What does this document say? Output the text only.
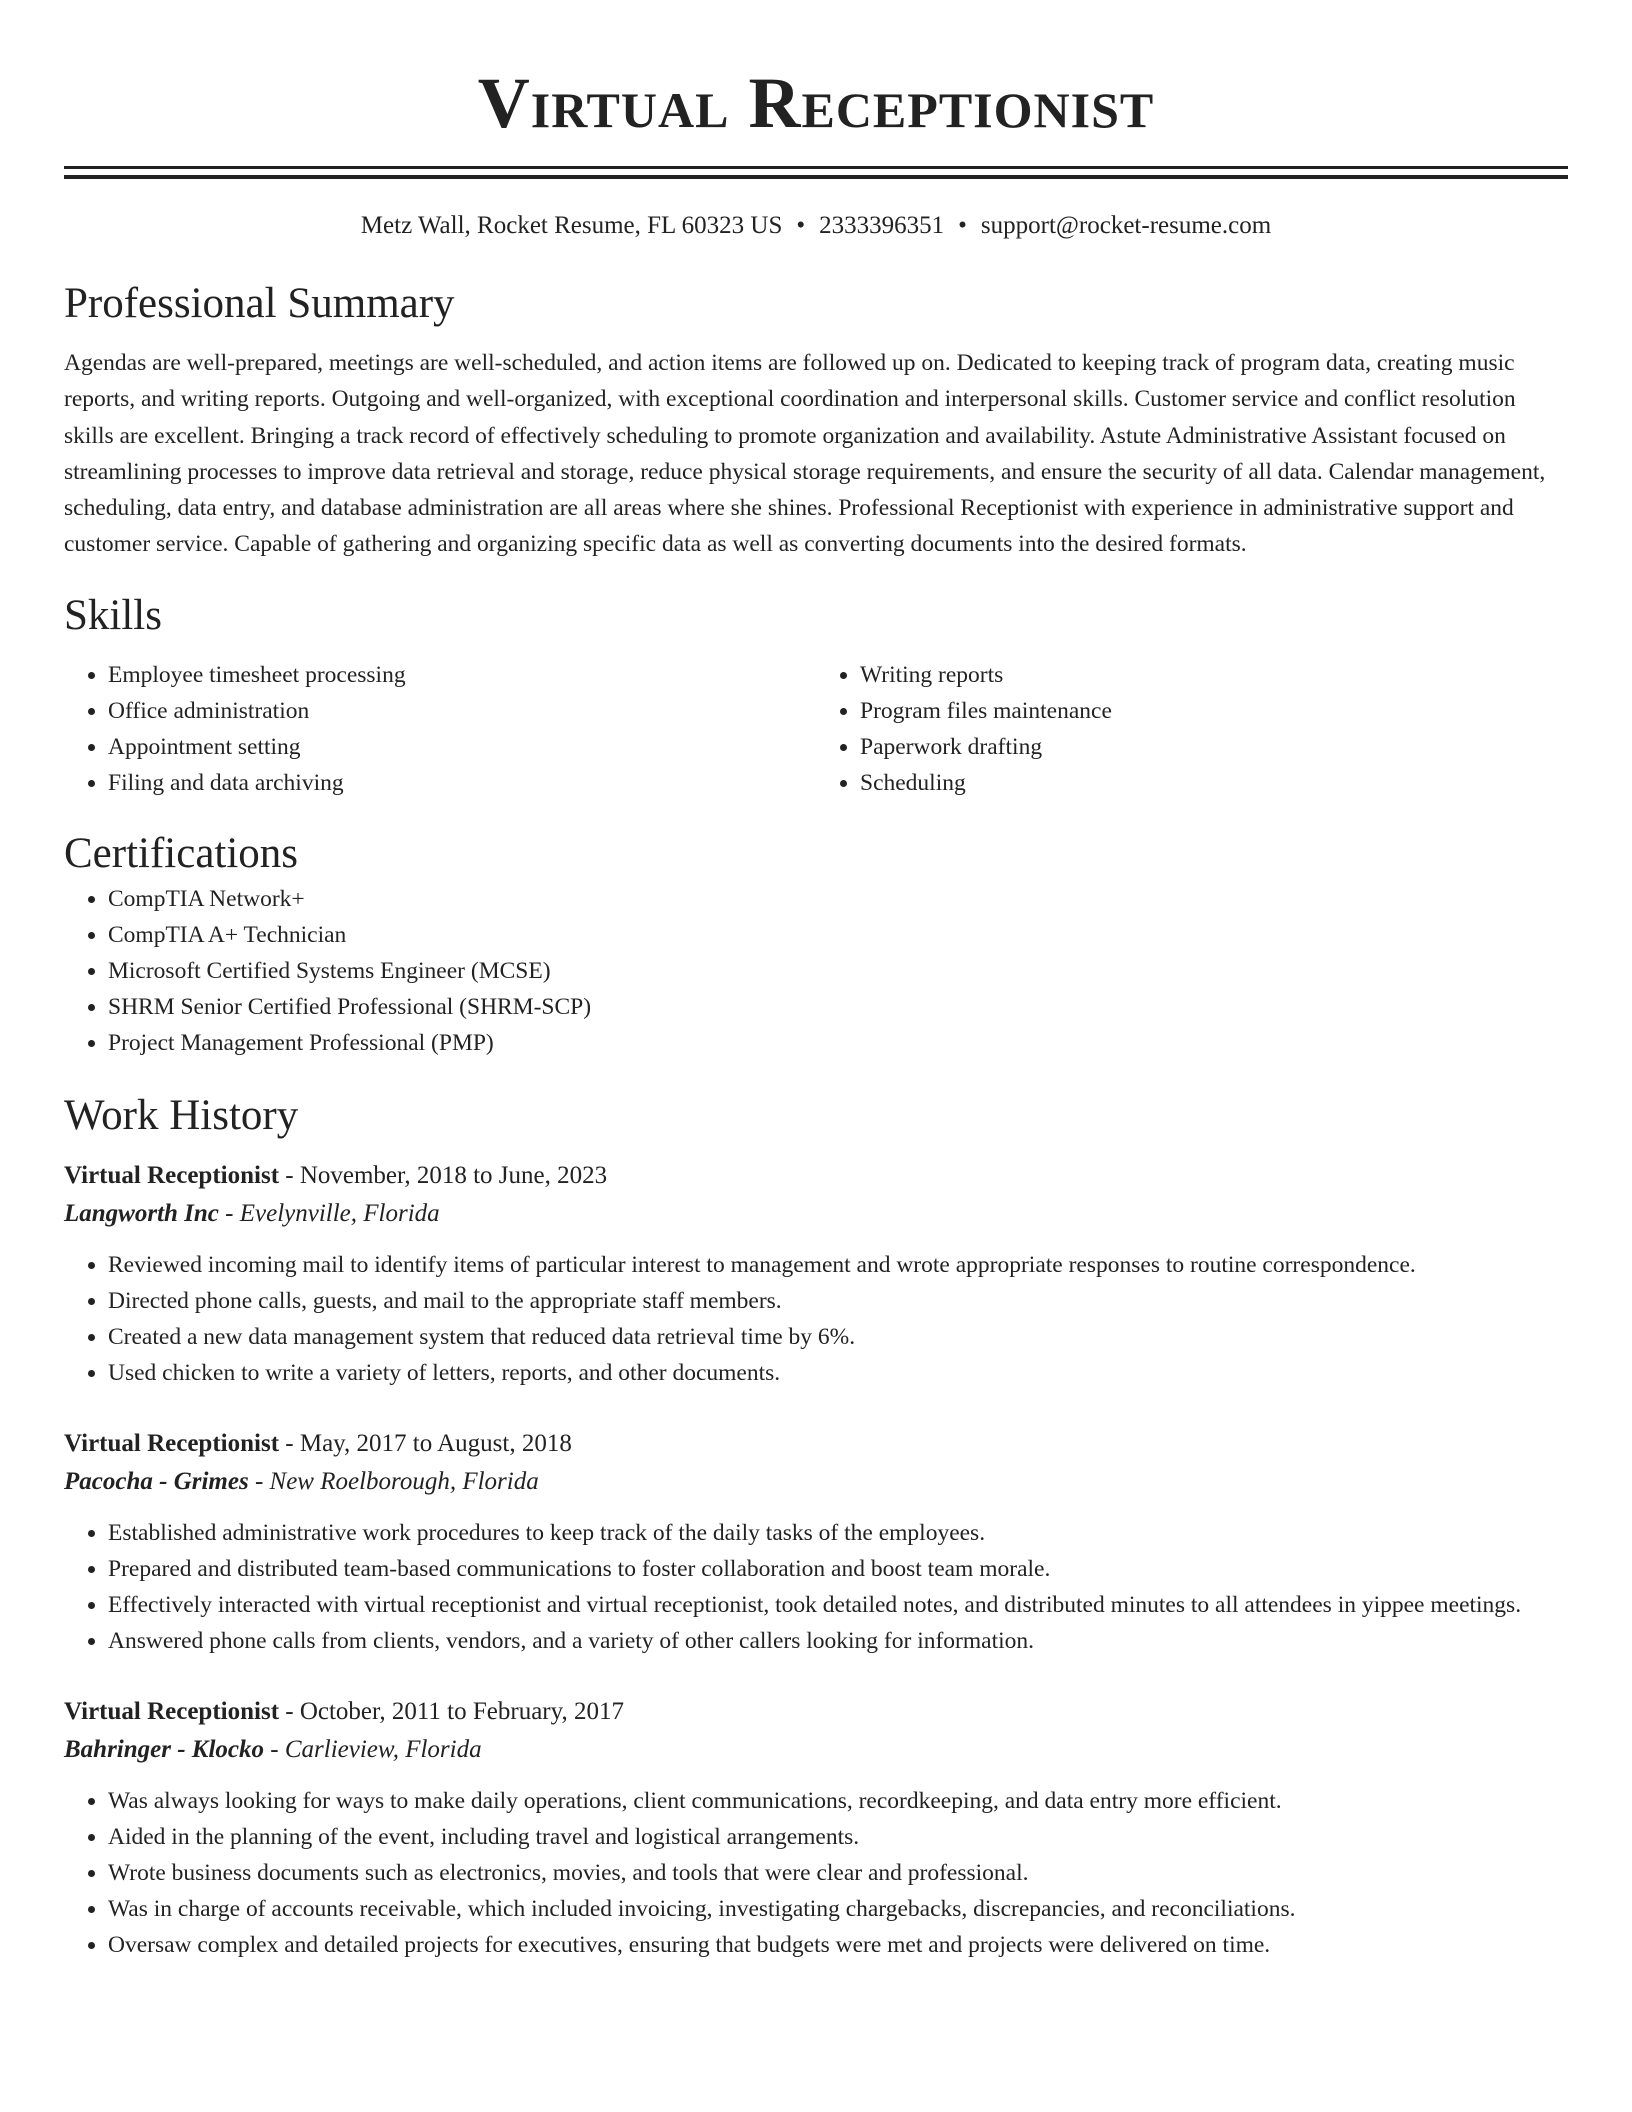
Virtual Receptionist
Metz Wall, Rocket Resume, FL 60323 US • 2333396351 • support@rocket-resume.com
Professional Summary

Agendas are well-prepared, meetings are well-scheduled, and action items are followed up on. Dedicated to keeping track of program data, creating music reports, and writing reports. Outgoing and well-organized, with exceptional coordination and interpersonal skills. Customer service and conflict resolution skills are excellent. Bringing a track record of effectively scheduling to promote organization and availability. Astute Administrative Assistant focused on streamlining processes to improve data retrieval and storage, reduce physical storage requirements, and ensure the security of all data. Calendar management, scheduling, data entry, and database administration are all areas where she shines. Professional Receptionist with experience in administrative support and customer service. Capable of gathering and organizing specific data as well as converting documents into the desired formats.

Skills
• Employee timesheet processing
• Office administration
• Appointment setting
• Filing and data archiving
• Writing reports
• Program files maintenance
• Paperwork drafting
• Scheduling
Certifications
• CompTIA Network+
• CompTIA A+ Technician
• Microsoft Certified Systems Engineer (MCSE)
• SHRM Senior Certified Professional (SHRM-SCP)
• Project Management Professional (PMP)
Work History
Virtual Receptionist - November, 2018 to June, 2023
Langworth Inc - Evelynville, Florida
• Reviewed incoming mail to identify items of particular interest to management and wrote appropriate responses to routine correspondence.
• Directed phone calls, guests, and mail to the appropriate staff members.
• Created a new data management system that reduced data retrieval time by 6%.
• Used chicken to write a variety of letters, reports, and other documents.
Virtual Receptionist - May, 2017 to August, 2018
Pacocha - Grimes - New Roelborough, Florida
• Established administrative work procedures to keep track of the daily tasks of the employees.
• Prepared and distributed team-based communications to foster collaboration and boost team morale.
• Effectively interacted with virtual receptionist and virtual receptionist, took detailed notes, and distributed minutes to all attendees in yippee meetings.
• Answered phone calls from clients, vendors, and a variety of other callers looking for information.
Virtual Receptionist - October, 2011 to February, 2017
Bahringer - Klocko - Carlieview, Florida
• Was always looking for ways to make daily operations, client communications, recordkeeping, and data entry more efficient.
• Aided in the planning of the event, including travel and logistical arrangements.
• Wrote business documents such as electronics, movies, and tools that were clear and professional.
• Was in charge of accounts receivable, which included invoicing, investigating chargebacks, discrepancies, and reconciliations.
• Oversaw complex and detailed projects for executives, ensuring that budgets were met and projects were delivered on time.
